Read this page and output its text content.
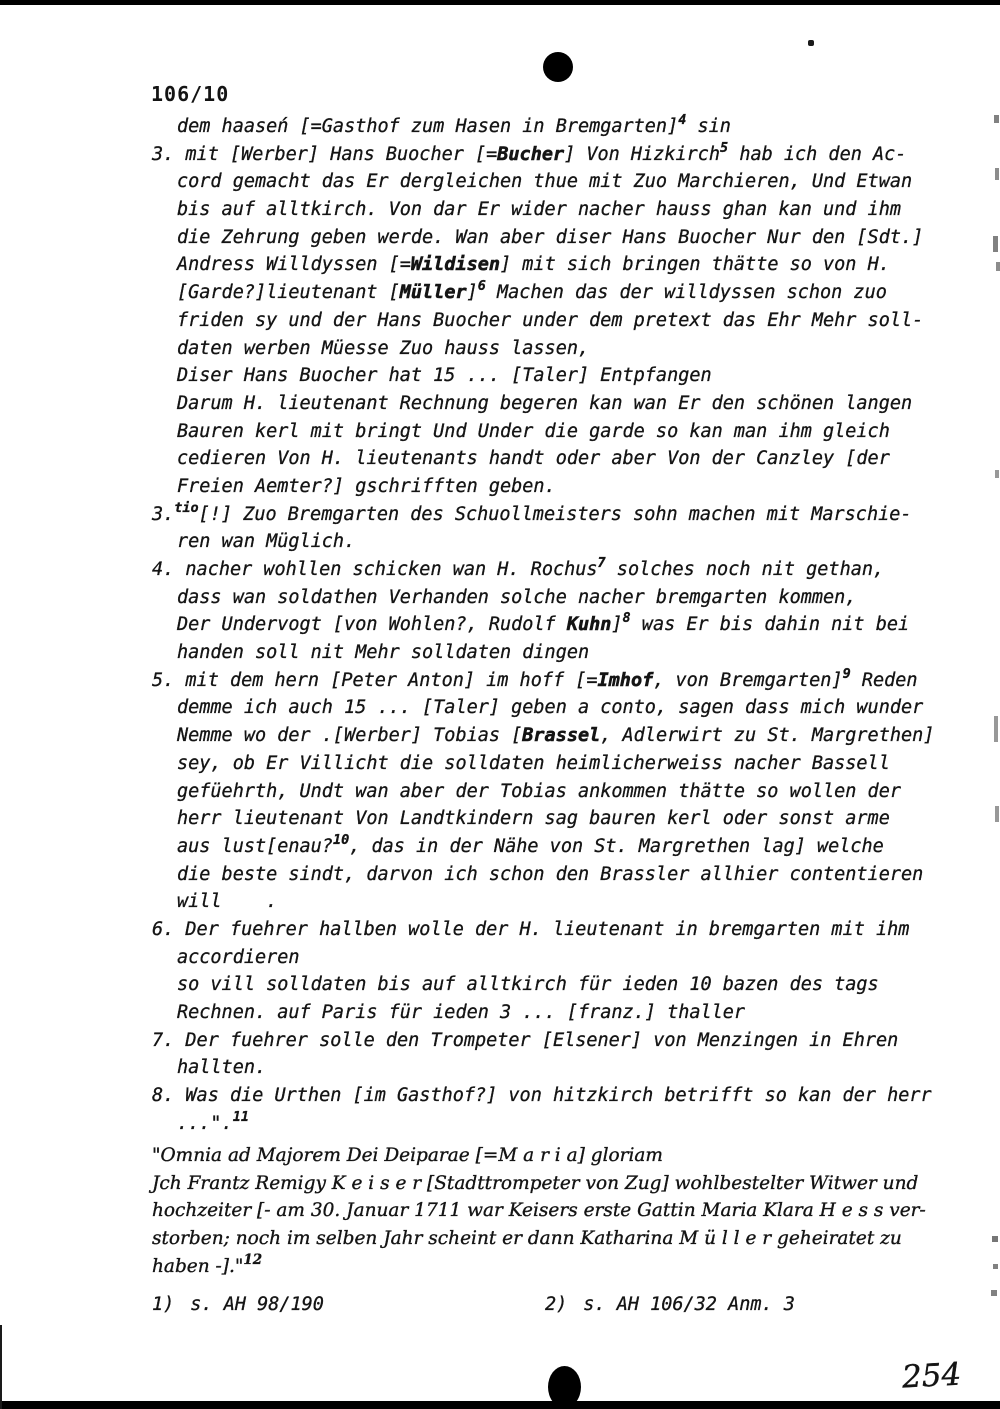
106/10
dem haaseń [=Gasthof zum Hasen in Bremgarten]4 sin
3. mit [Werber] Hans Buocher [=Bucher] Von Hizkirch5 hab ich den Ac-
cord gemacht das Er dergleichen thue mit Zuo Marchieren, Und Etwan
bis auf alltkirch. Von dar Er wider nacher hauss ghan kan und ihm
die Zehrung geben werde. Wan aber diser Hans Buocher Nur den [Sdt.]
Andress Willdyssen [=Wildisen] mit sich bringen thätte so von H.
[Garde?]lieutenant [Müller]6 Machen das der willdyssen schon zuo
friden sy und der Hans Buocher under dem pretext das Ehr Mehr soll-
daten werben Müesse Zuo hauss lassen,
Diser Hans Buocher hat 15 ... [Taler] Entpfangen
Darum H. lieutenant Rechnung begeren kan wan Er den schönen langen
Bauren kerl mit bringt Und Under die garde so kan man ihm gleich
cedieren Von H. lieutenants handt oder aber Von der Canzley [der
Freien Aemter?] gschrifften geben.
3.tio[!] Zuo Bremgarten des Schuollmeisters sohn machen mit Marschie-
ren wan Müglich.
4. nacher wohllen schicken wan H. Rochus7 solches noch nit gethan,
dass wan soldathen Verhanden solche nacher bremgarten kommen,
Der Undervogt [von Wohlen?, Rudolf Kuhn]8 was Er bis dahin nit bei
handen soll nit Mehr solldaten dingen
5. mit dem hern [Peter Anton] im hoff [=Imhof, von Bremgarten]9 Reden
demme ich auch 15 ... [Taler] geben a conto, sagen dass mich wunder
Nemme wo der .[Werber] Tobias [Brassel, Adlerwirt zu St. Margrethen]
sey, ob Er Villicht die solldaten heimlicherweiss nacher Bassell
gefüehrth, Undt wan aber der Tobias ankommen thätte so wollen der
herr lieutenant Von Landtkindern sag bauren kerl oder sonst arme
aus lust[enau?10, das in der Nähe von St. Margrethen lag] welche
die beste sindt, darvon ich schon den Brassler allhier contentieren
will    .
6. Der fuehrer hallben wolle der H. lieutenant in bremgarten mit ihm
accordieren
so vill solldaten bis auf alltkirch für ieden 10 bazen des tags
Rechnen. auf Paris für ieden 3 ... [franz.] thaller
7. Der fuehrer solle den Trompeter [Elsener] von Menzingen in Ehren
hallten.
8. Was die Urthen [im Gasthof?] von hitzkirch betrifft so kan der herr
...".11
"Omnia ad Majorem Dei Deiparae [=M a r i a] gloriam
Jch Frantz Remigy K e i s e r [Stadttrompeter von Zug] wohlbestelter Witwer und
hochzeiter [- am 30. Januar 1711 war Keisers erste Gattin Maria Klara H e s s ver-
storben; noch im selben Jahr scheint er dann Katharina M ü l l e r geheiratet zu
haben -]."12
1) s. AH 98/190	2) s. AH 106/32 Anm. 3
254
